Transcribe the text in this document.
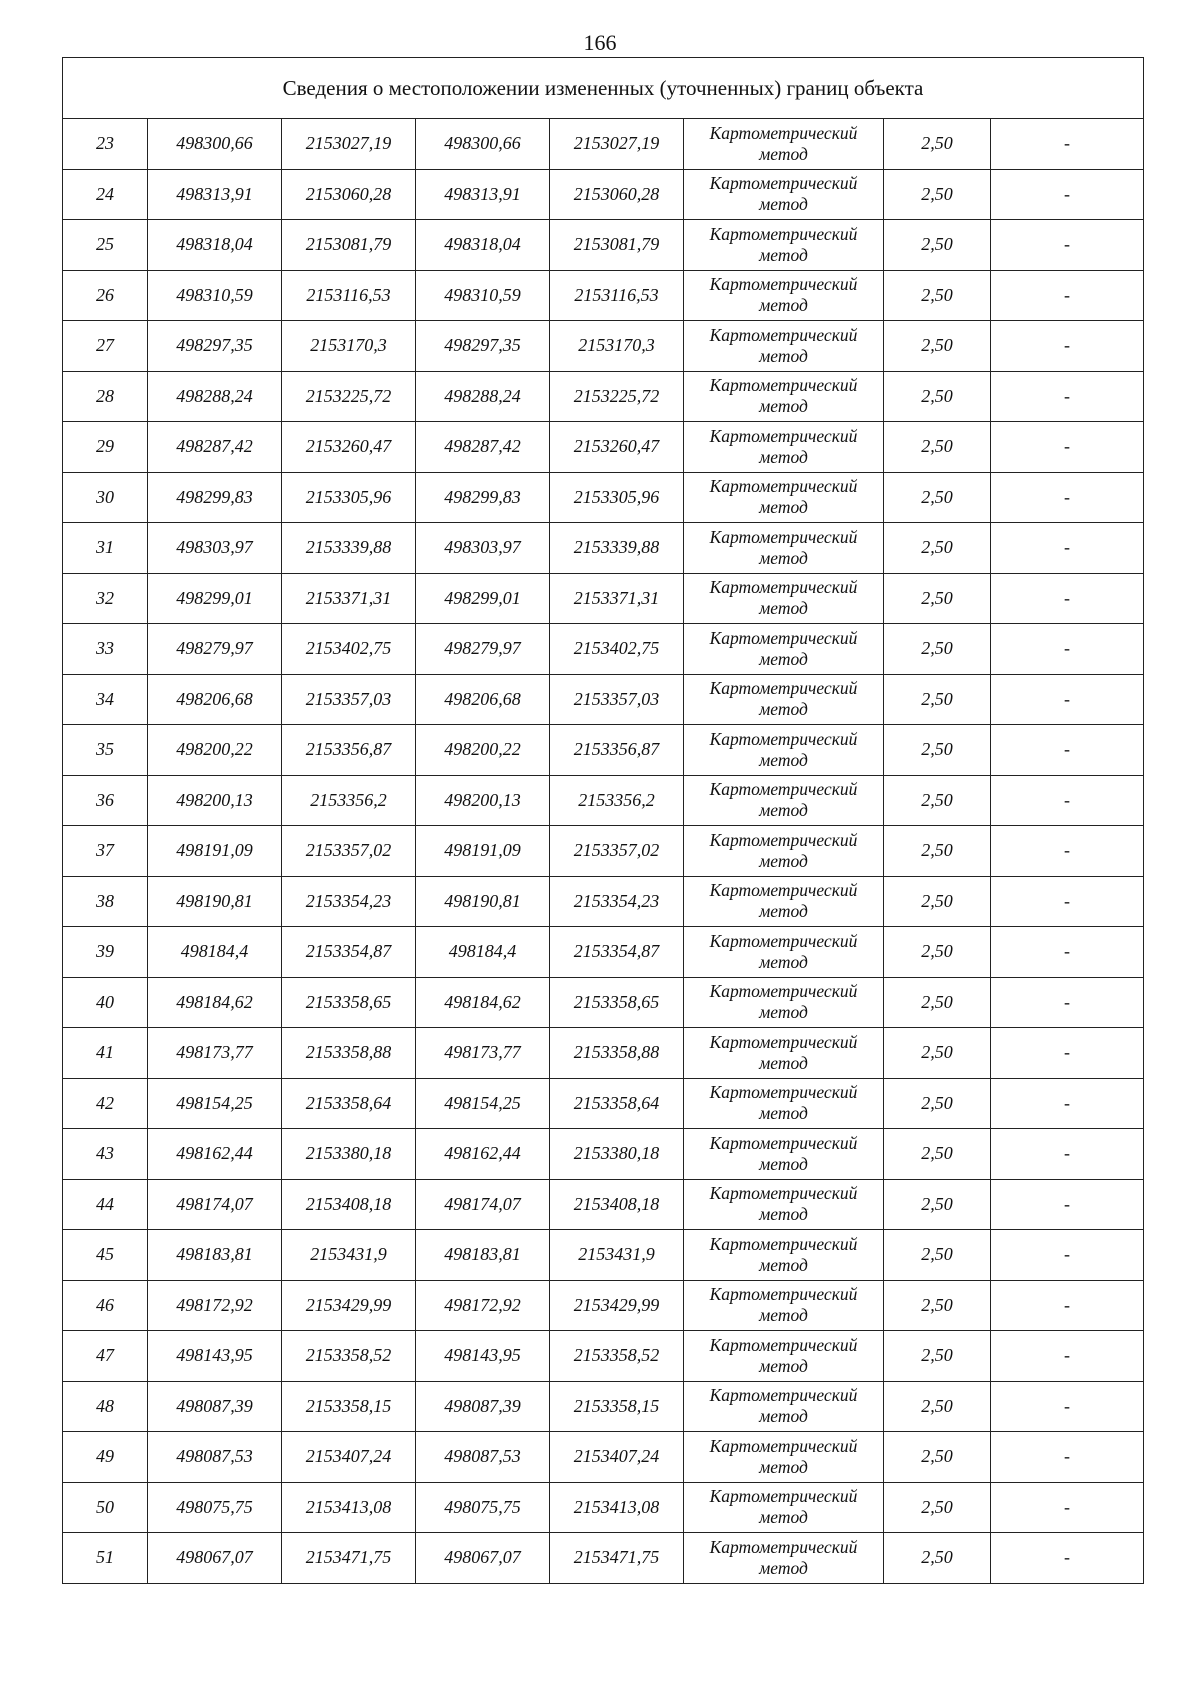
166
Сведения о местоположении измененных (уточненных) границ объекта							
23	498300,66	2153027,19	498300,66	2153027,19	Картометрический
метод	2,50	-
24	498313,91	2153060,28	498313,91	2153060,28	Картометрический
метод	2,50	-
25	498318,04	2153081,79	498318,04	2153081,79	Картометрический
метод	2,50	-
26	498310,59	2153116,53	498310,59	2153116,53	Картометрический
метод	2,50	-
27	498297,35	2153170,3	498297,35	2153170,3	Картометрический
метод	2,50	-
28	498288,24	2153225,72	498288,24	2153225,72	Картометрический
метод	2,50	-
29	498287,42	2153260,47	498287,42	2153260,47	Картометрический
метод	2,50	-
30	498299,83	2153305,96	498299,83	2153305,96	Картометрический
метод	2,50	-
31	498303,97	2153339,88	498303,97	2153339,88	Картометрический
метод	2,50	-
32	498299,01	2153371,31	498299,01	2153371,31	Картометрический
метод	2,50	-
33	498279,97	2153402,75	498279,97	2153402,75	Картометрический
метод	2,50	-
34	498206,68	2153357,03	498206,68	2153357,03	Картометрический
метод	2,50	-
35	498200,22	2153356,87	498200,22	2153356,87	Картометрический
метод	2,50	-
36	498200,13	2153356,2	498200,13	2153356,2	Картометрический
метод	2,50	-
37	498191,09	2153357,02	498191,09	2153357,02	Картометрический
метод	2,50	-
38	498190,81	2153354,23	498190,81	2153354,23	Картометрический
метод	2,50	-
39	498184,4	2153354,87	498184,4	2153354,87	Картометрический
метод	2,50	-
40	498184,62	2153358,65	498184,62	2153358,65	Картометрический
метод	2,50	-
41	498173,77	2153358,88	498173,77	2153358,88	Картометрический
метод	2,50	-
42	498154,25	2153358,64	498154,25	2153358,64	Картометрический
метод	2,50	-
43	498162,44	2153380,18	498162,44	2153380,18	Картометрический
метод	2,50	-
44	498174,07	2153408,18	498174,07	2153408,18	Картометрический
метод	2,50	-
45	498183,81	2153431,9	498183,81	2153431,9	Картометрический
метод	2,50	-
46	498172,92	2153429,99	498172,92	2153429,99	Картометрический
метод	2,50	-
47	498143,95	2153358,52	498143,95	2153358,52	Картометрический
метод	2,50	-
48	498087,39	2153358,15	498087,39	2153358,15	Картометрический
метод	2,50	-
49	498087,53	2153407,24	498087,53	2153407,24	Картометрический
метод	2,50	-
50	498075,75	2153413,08	498075,75	2153413,08	Картометрический
метод	2,50	-
51	498067,07	2153471,75	498067,07	2153471,75	Картометрический
метод	2,50	-
